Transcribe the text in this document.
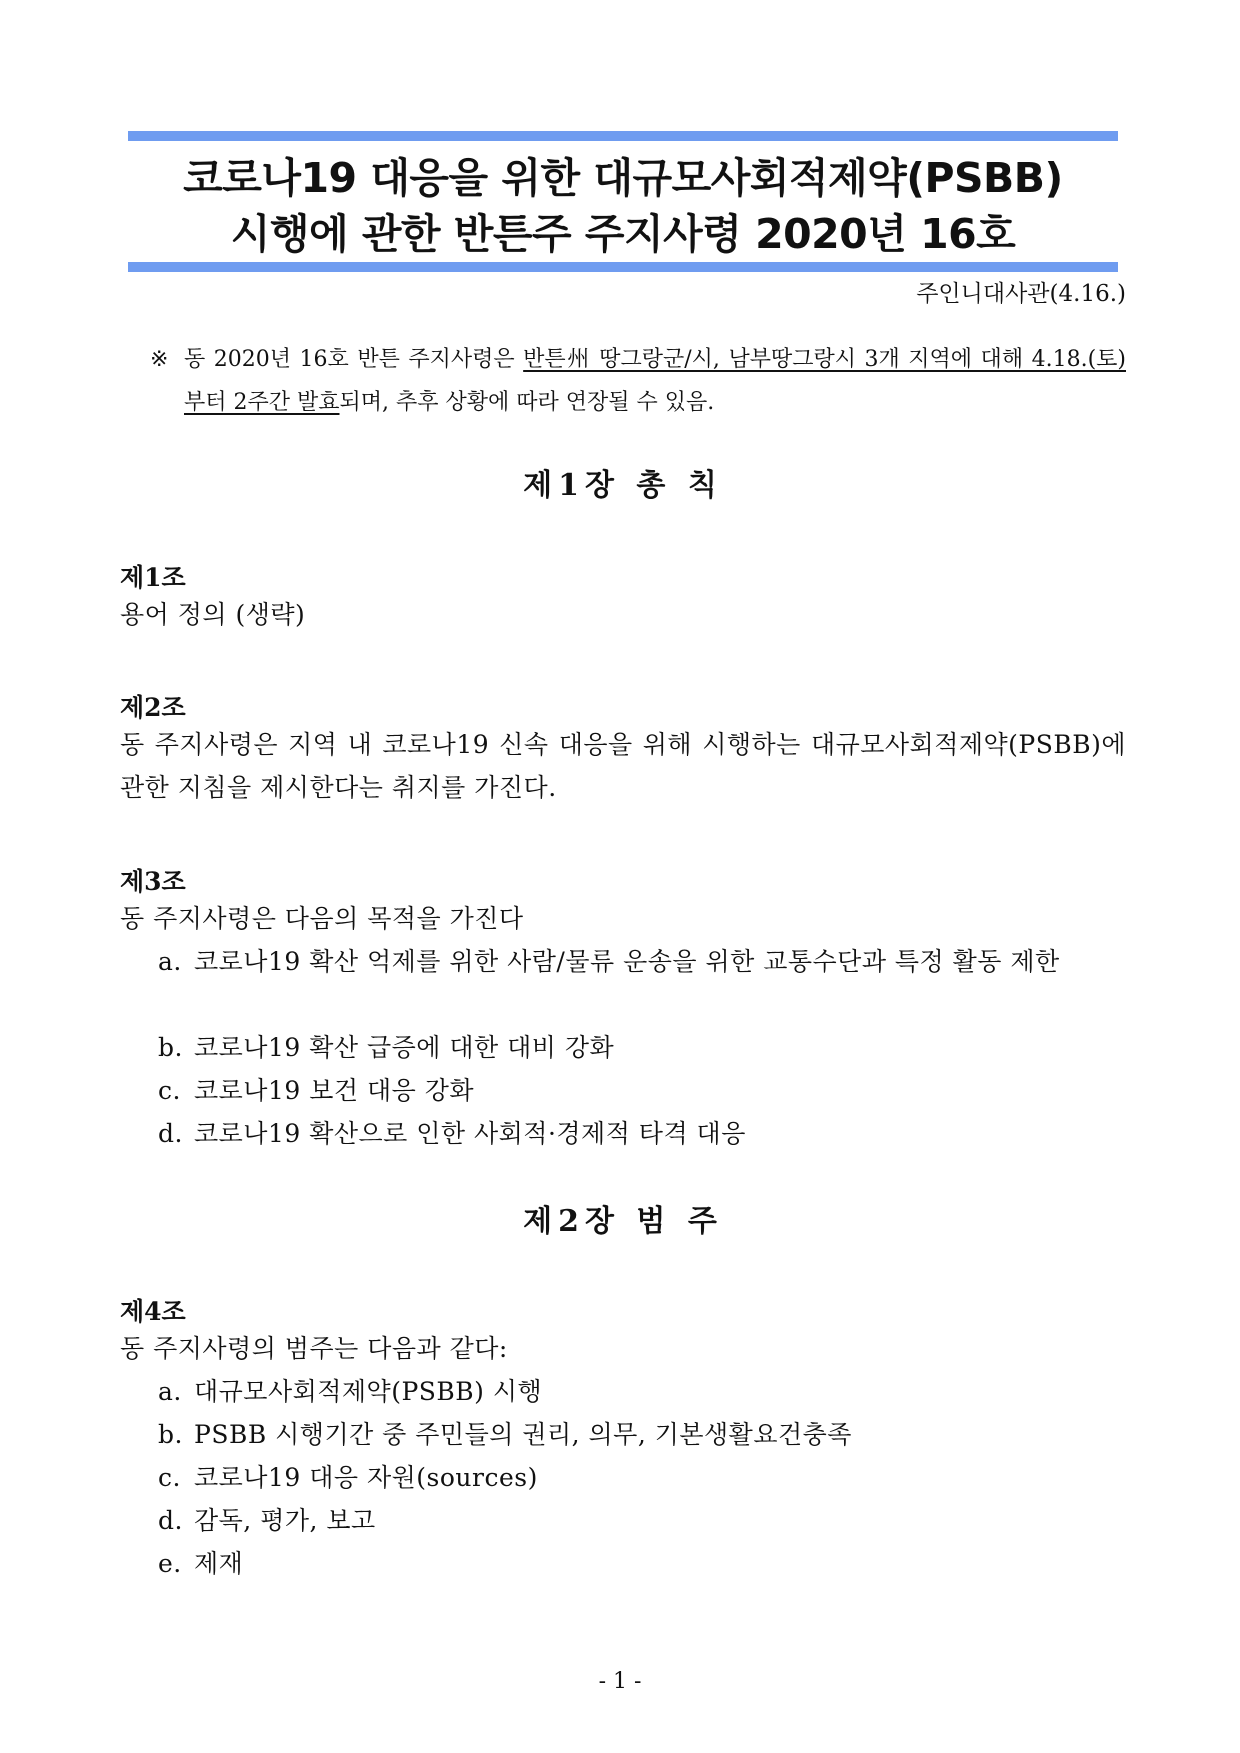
코로나19 대응을 위한 대규모사회적제약(PSBB)
시행에 관한 반튼주 주지사령 2020년 16호
주인니대사관(4.16.)
※ 동 2020년 16호 반튼 주지사령은 반튼州 땅그랑군/시, 남부땅그랑시 3개 지역에 대해 4.18.(토)부터 2주간 발효되며, 추후 상황에 따라 연장될 수 있음.
제1장 총 칙
제1조
용어 정의 (생략)
제2조
동 주지사령은 지역 내 코로나19 신속 대응을 위해 시행하는 대규모사회적제약(PSBB)에 관한 지침을 제시한다는 취지를 가진다.
제3조
동 주지사령은 다음의 목적을 가진다
a. 코로나19 확산 억제를 위한 사람/물류 운송을 위한 교통수단과 특정 활동 제한
b. 코로나19 확산 급증에 대한 대비 강화
c. 코로나19 보건 대응 강화
d. 코로나19 확산으로 인한 사회적·경제적 타격 대응
제2장 범 주
제4조
동 주지사령의 범주는 다음과 같다:
a. 대규모사회적제약(PSBB) 시행
b. PSBB 시행기간 중 주민들의 권리, 의무, 기본생활요건충족
c. 코로나19 대응 자원(sources)
d. 감독, 평가, 보고
e. 제재
- 1 -
